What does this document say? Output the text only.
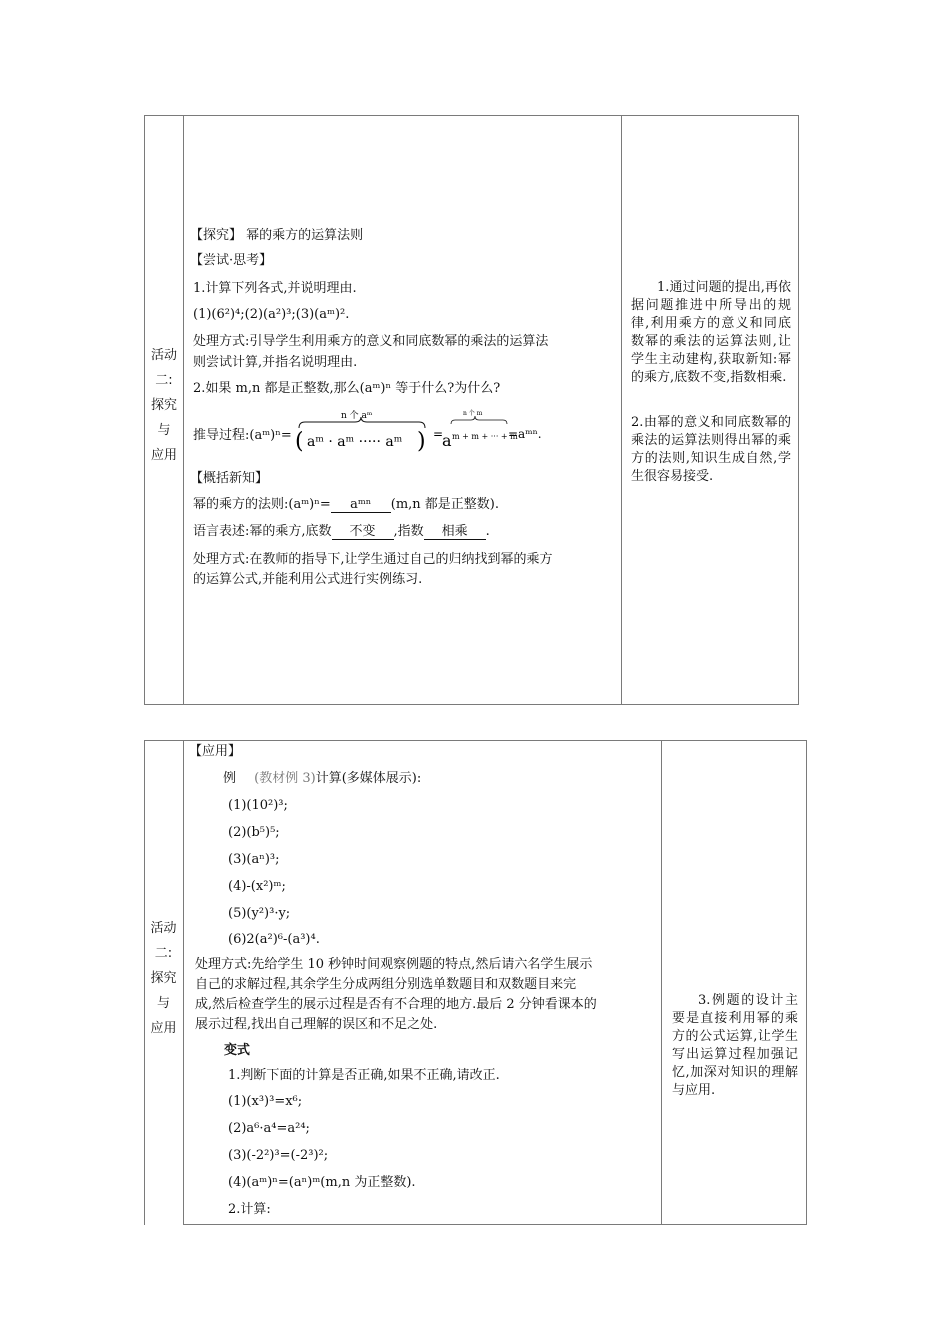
活动
二:
探究
与
应用
【探究】 幂的乘方的运算法则
【尝试·思考】
1.计算下列各式,并说明理由.
(1)(6²)⁴;(2)(a²)³;(3)(aᵐ)².
处理方式:引导学生利用乘方的意义和同底数幂的乘法的运算法
则尝试计算,并指名说明理由.
2.如果 m,n 都是正整数,那么(aᵐ)ⁿ 等于什么?为什么?
推导过程:(aᵐ)ⁿ=
n 个 aᵐ
( aᵐ · aᵐ ····· aᵐ ) =
n 个 m
a m + m + ··· + m
=aᵐⁿ.
【概括新知】
幂的乘方的法则:(aᵐ)ⁿ= aᵐⁿ (m,n 都是正整数).
语言表述:幂的乘方,底数 不变 ,指数 相乘 .
处理方式:在教师的指导下,让学生通过自己的归纳找到幂的乘方
的运算公式,并能利用公式进行实例练习.
1.通过问题的提出,再依据问题推进中所导出的规律,利用乘方的意义和同底数幂的乘法的运算法则,让学生主动建构,获取新知:幂的乘方,底数不变,指数相乘.
2.由幂的意义和同底数幂的乘法的运算法则得出幂的乘方的法则,知识生成自然,学生很容易接受.
活动
二:
探究
与
应用
【应用】
例 (教材例 3)计算(多媒体展示):
(1)(10²)³;
(2)(b⁵)⁵;
(3)(aⁿ)³;
(4)-(x²)ᵐ;
(5)(y²)³·y;
(6)2(a²)⁶-(a³)⁴.
处理方式:先给学生 10 秒钟时间观察例题的特点,然后请六名学生展示
自己的求解过程,其余学生分成两组分别选单数题目和双数题目来完
成,然后检查学生的展示过程是否有不合理的地方.最后 2 分钟看课本的
展示过程,找出自己理解的误区和不足之处.
变式
1.判断下面的计算是否正确,如果不正确,请改正.
(1)(x³)³=x⁶;
(2)a⁶·a⁴=a²⁴;
(3)(-2²)³=(-2³)²;
(4)(aᵐ)ⁿ=(aⁿ)ᵐ(m,n 为正整数).
2.计算:
3.例题的设计主要是直接利用幂的乘方的公式运算,让学生写出运算过程加强记忆,加深对知识的理解与应用.
